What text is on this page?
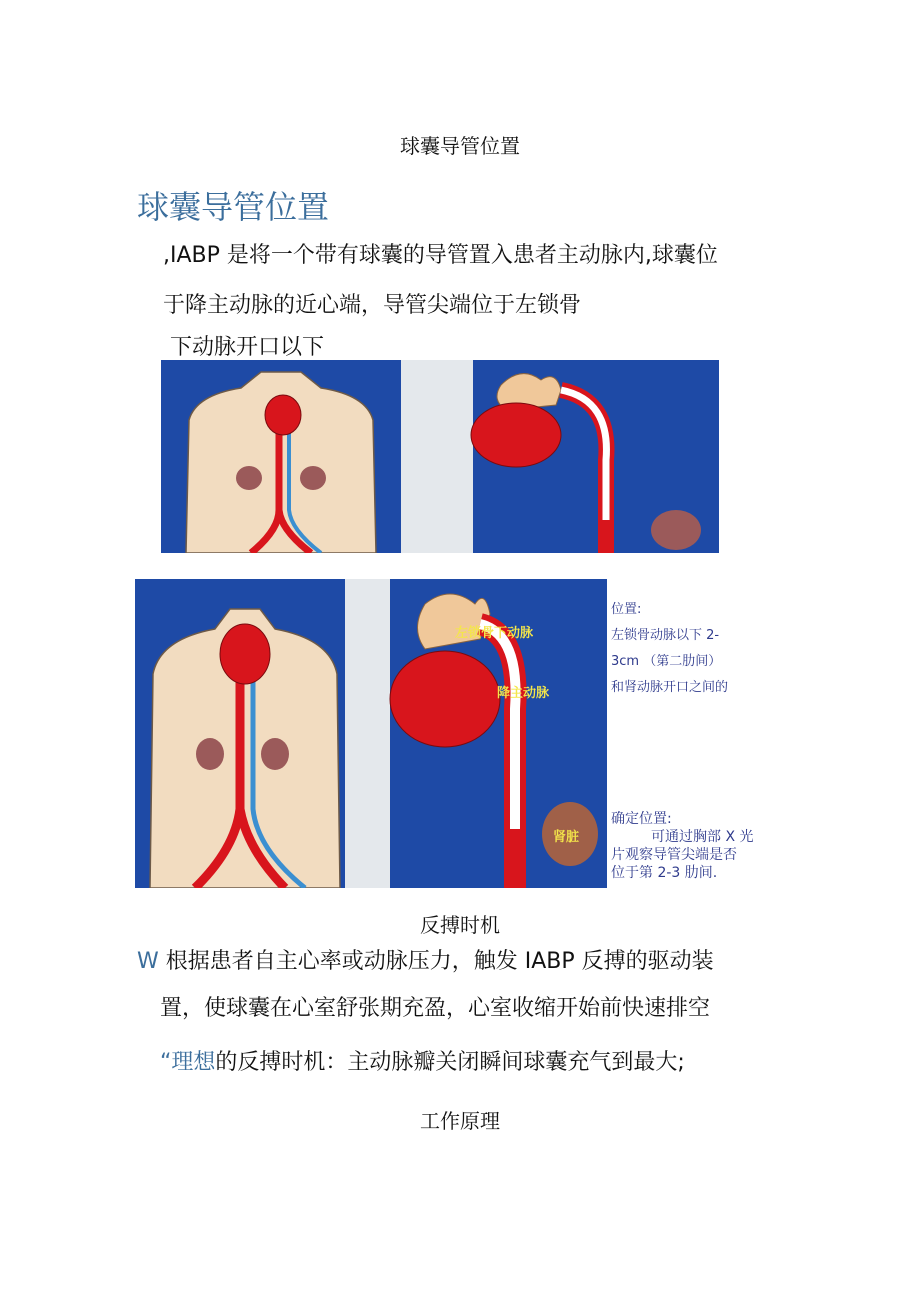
球囊导管位置
球囊导管位置
,IABP 是将一个带有球囊的导管置入患者主动脉内,球囊位
于降主动脉的近心端，导管尖端位于左锁骨
下动脉开口以下
左锁骨下动脉
降主动脉
肾脏
位置:
左锁骨动脉以下 2-
3cm （第二肋间）
和肾动脉开口之间的
确定位置:
可通过胸部 X 光
片观察导管尖端是否
位于第 2-3 肋间.
反搏时机
W 根据患者自主心率或动脉压力，触发 IABP 反搏的驱动装
置，使球囊在心室舒张期充盈，心室收缩开始前快速排空
“理想的反搏时机：主动脉瓣关闭瞬间球囊充气到最大;
工作原理
